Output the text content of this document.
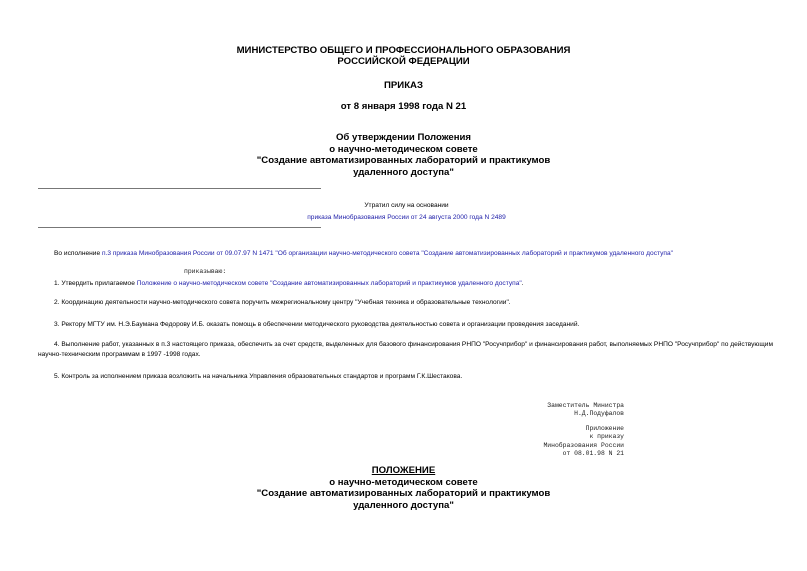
МИНИСТЕРСТВО ОБЩЕГО И ПРОФЕССИОНАЛЬНОГО ОБРАЗОВАНИЯ
РОССИЙСКОЙ ФЕДЕРАЦИИ
ПРИКАЗ
от 8 января 1998 года N 21
Об утверждении Положения
о научно-методическом совете
"Создание автоматизированных лабораторий и практикумов
удаленного доступа"
Утратил силу на основании
приказа Минобразования России от 24 августа 2000 года N 2489
Во исполнение п.3 приказа Минобразования России от 09.07.97 N 1471 "Об организации научно-методического совета "Создание автоматизированных лабораторий и практикумов удаленного доступа"
приказываю:
1. Утвердить прилагаемое Положение о научно-методическом совете "Создание автоматизированных лабораторий и практикумов удаленного доступа".
2. Координацию деятельности научно-методического совета поручить межрегиональному центру "Учебная техника и образовательные технологии".
3. Ректору МГТУ им. Н.Э.Баумана Федорову И.Б. оказать помощь в обеспечении методического руководства деятельностью совета и организации проведения заседаний.
4. Выполнение работ, указанных в п.3 настоящего приказа, обеспечить за счет средств, выделенных для базового финансирования РНПО "Росучприбор" и финансирования работ, выполняемых РНПО "Росучприбор" по действующим научно-техническим программам в 1997 -1998 годах.
5. Контроль за исполнением приказа возложить на начальника Управления образовательных стандартов и программ Г.К.Шестакова.
Заместитель Министра
Н.Д.Подуфалов
Приложение
к приказу
Минобразования России
от 08.01.98 N 21
ПОЛОЖЕНИЕ
о научно-методическом совете
"Создание автоматизированных лабораторий и практикумов
удаленного доступа"
